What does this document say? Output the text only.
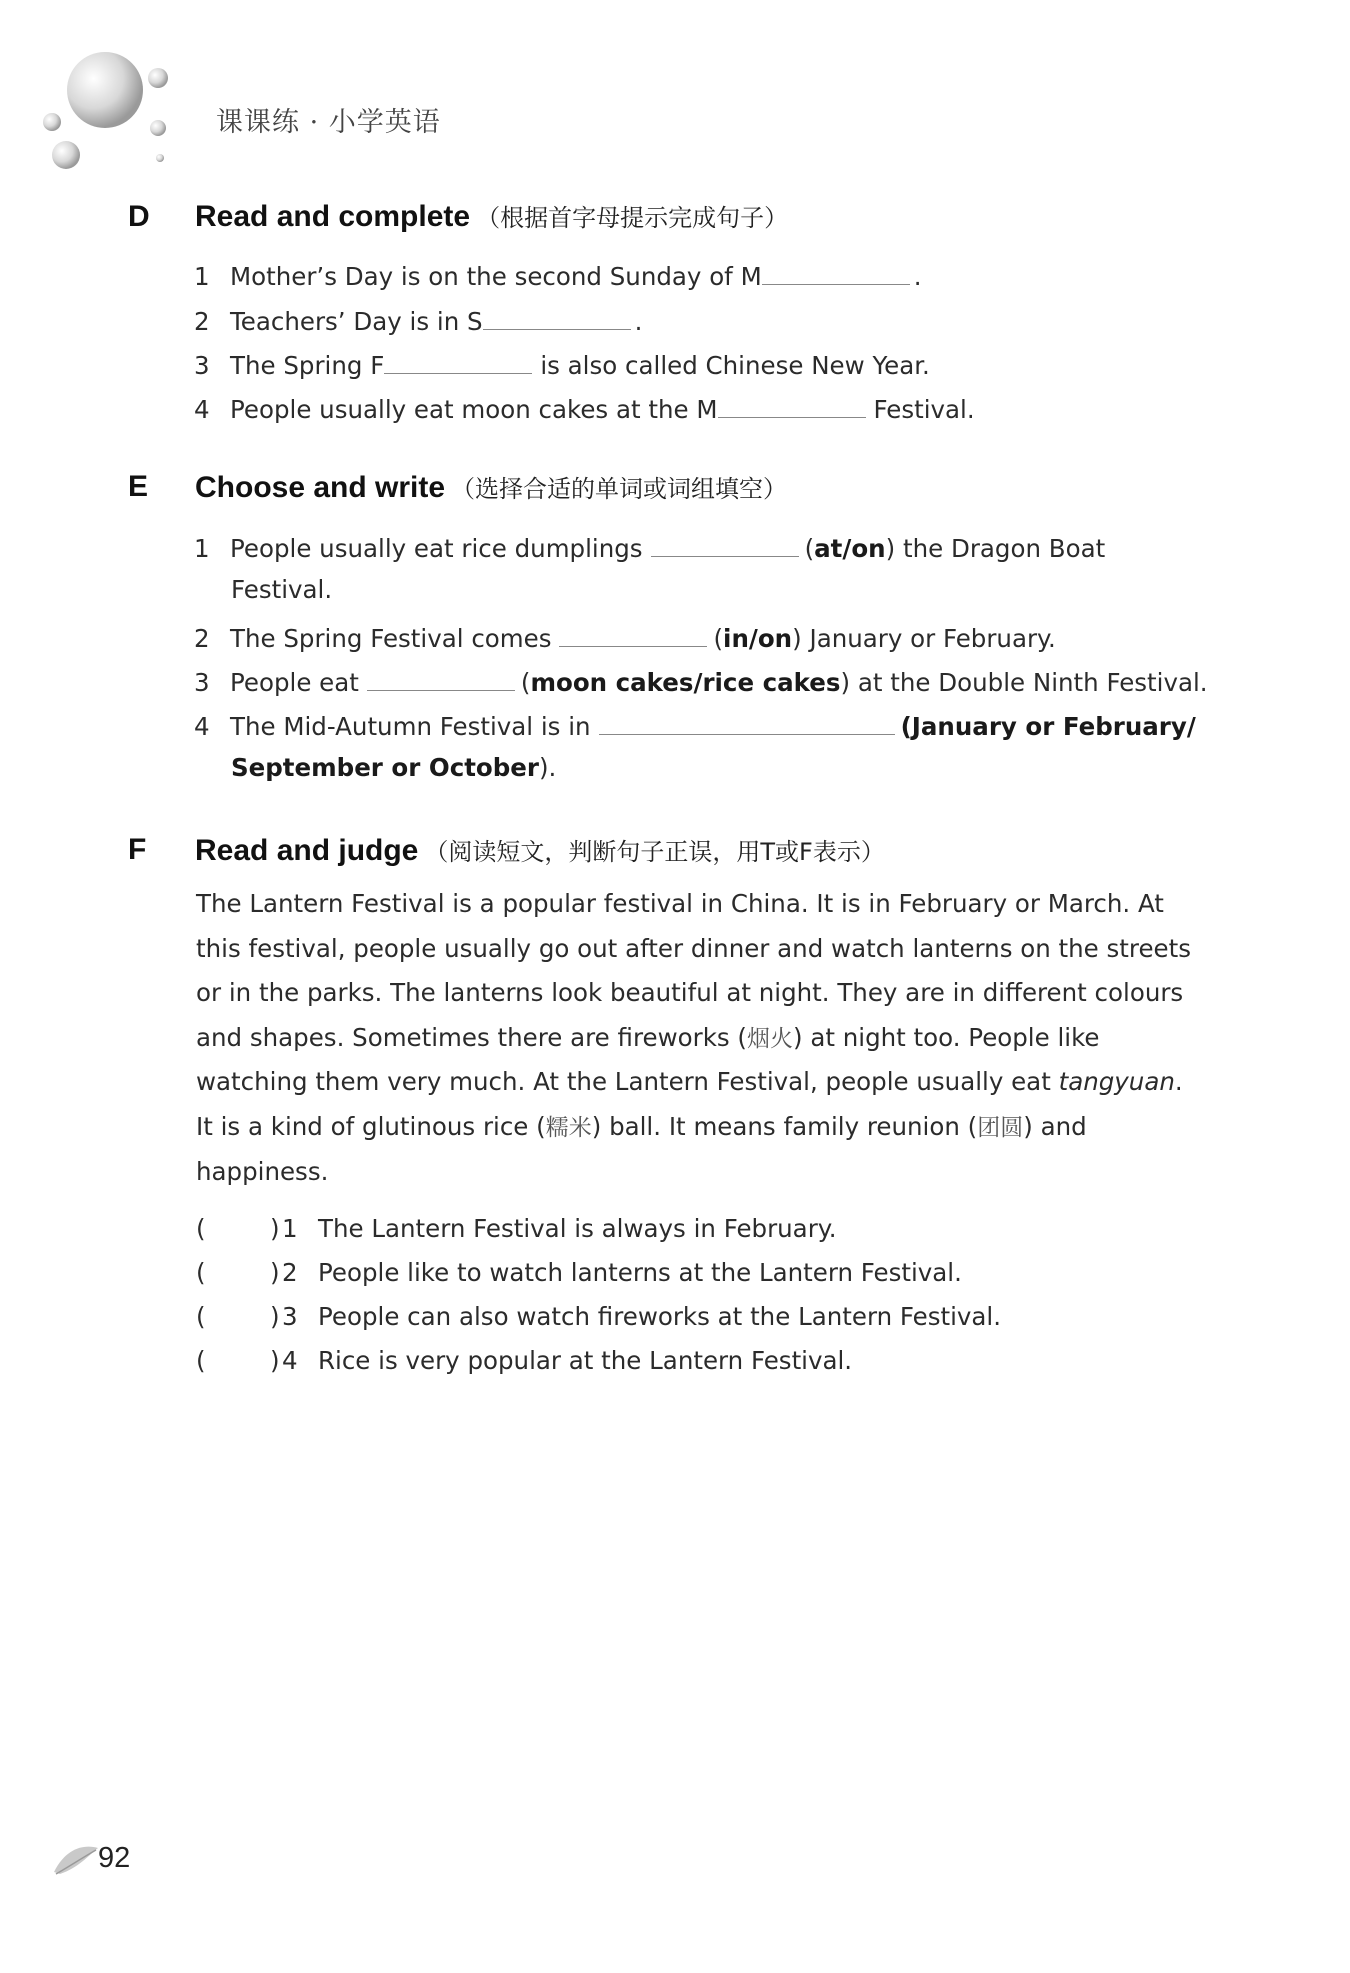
课课练 · 小学英语
D Read and complete （根据首字母提示完成句子）
1 Mother’s Day is on the second Sunday of M	.
2 Teachers’ Day is in S	.
3 The Spring F	is also called Chinese New Year.
4 People usually eat moon cakes at the M	Festival.
E Choose and write （选择合适的单词或词组填空）
1 People usually eat rice dumplings	(at/on) the Dragon Boat
Festival.
2 The Spring Festival comes	(in/on) January or February.
3 People eat	(moon cakes/rice cakes) at the Double Ninth Festival.
4 The Mid-Autumn Festival is in	(January or February/
September or October).
F Read and judge （阅读短文，判断句子正误，用T或F表示）
The Lantern Festival is a popular festival in China. It is in February or March. At
this festival, people usually go out after dinner and watch lanterns on the streets
or in the parks. The lanterns look beautiful at night. They are in different colours
and shapes. Sometimes there are fireworks (烟火) at night too. People like
watching them very much. At the Lantern Festival, people usually eat tangyuan.
It is a kind of glutinous rice (糯米) ball. It means family reunion (团圆) and
happiness.
(	)1 The Lantern Festival is always in February.
(	)2 People like to watch lanterns at the Lantern Festival.
(	)3 People can also watch fireworks at the Lantern Festival.
(	)4 Rice is very popular at the Lantern Festival.
92
